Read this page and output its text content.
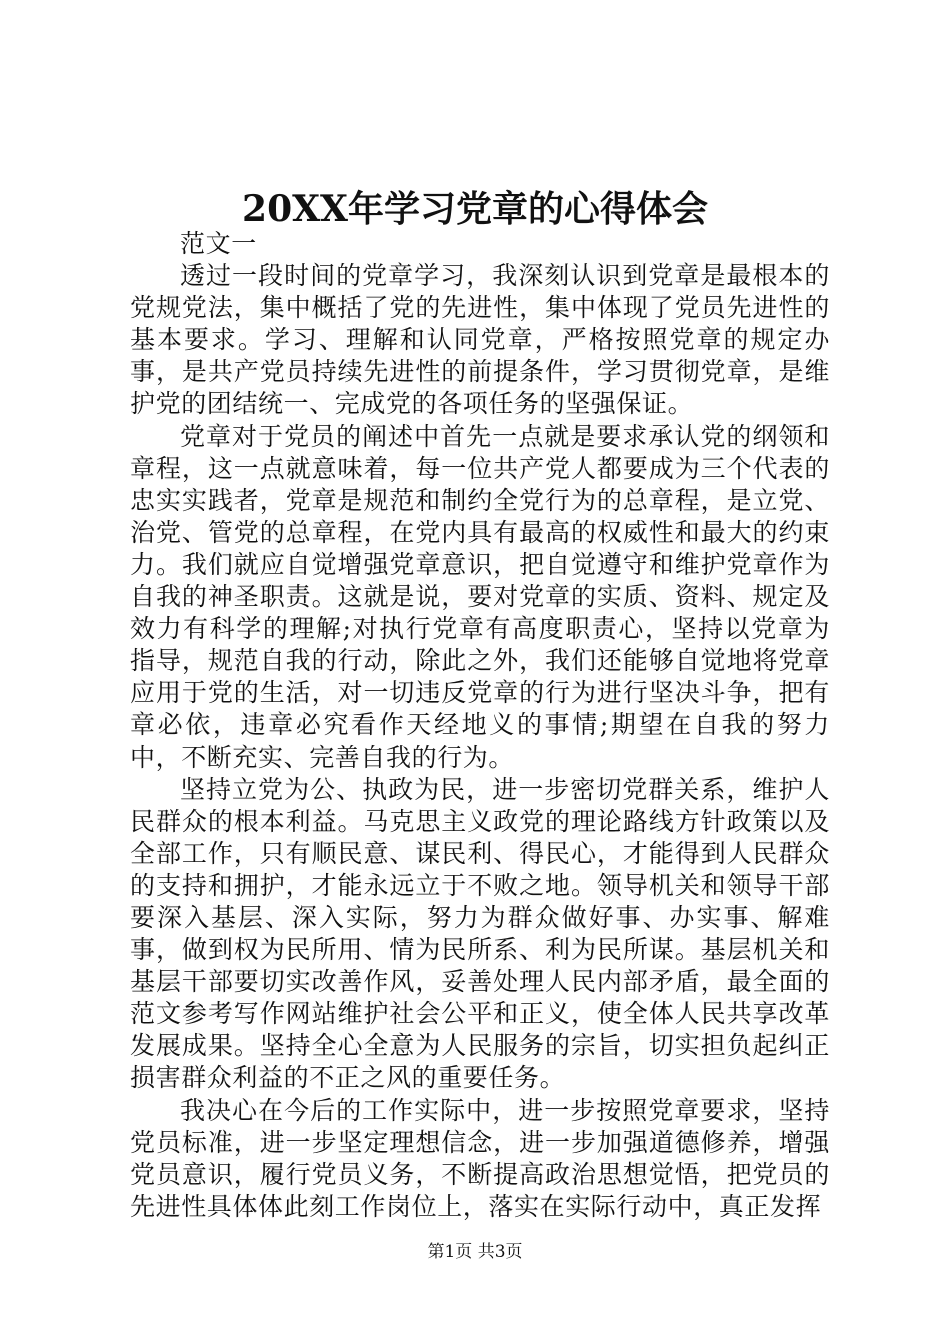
20XX年学习党章的心得体会

范文一

透过一段时间的党章学习，我深刻认识到党章是最根本的党规党法，集中概括了党的先进性，集中体现了党员先进性的基本要求。学习、理解和认同党章，严格按照党章的规定办事，是共产党员持续先进性的前提条件，学习贯彻党章，是维护党的团结统一、完成党的各项任务的坚强保证。

党章对于党员的阐述中首先一点就是要求承认党的纲领和章程，这一点就意味着，每一位共产党人都要成为三个代表的忠实实践者，党章是规范和制约全党行为的总章程，是立党、治党、管党的总章程，在党内具有最高的权威性和最大的约束力。我们就应自觉增强党章意识，把自觉遵守和维护党章作为自我的神圣职责。这就是说，要对党章的实质、资料、规定及效力有科学的理解;对执行党章有高度职责心，坚持以党章为指导，规范自我的行动，除此之外，我们还能够自觉地将党章应用于党的生活，对一切违反党章的行为进行坚决斗争，把有章必依，违章必究看作天经地义的事情;期望在自我的努力中，不断充实、完善自我的行为。

坚持立党为公、执政为民，进一步密切党群关系，维护人民群众的根本利益。马克思主义政党的理论路线方针政策以及全部工作，只有顺民意、谋民利、得民心，才能得到人民群众的支持和拥护，才能永远立于不败之地。领导机关和领导干部要深入基层、深入实际，努力为群众做好事、办实事、解难事，做到权为民所用、情为民所系、利为民所谋。基层机关和基层干部要切实改善作风，妥善处理人民内部矛盾，最全面的范文参考写作网站维护社会公平和正义，使全体人民共享改革发展成果。坚持全心全意为人民服务的宗旨，切实担负起纠正损害群众利益的不正之风的重要任务。

我决心在今后的工作实际中，进一步按照党章要求，坚持党员标准，进一步坚定理想信念，进一步加强道德修养，增强党员意识，履行党员义务，不断提高政治思想觉悟，把党员的先进性具体体此刻工作岗位上，落实在实际行动中，真正发挥

第1页 共3页
